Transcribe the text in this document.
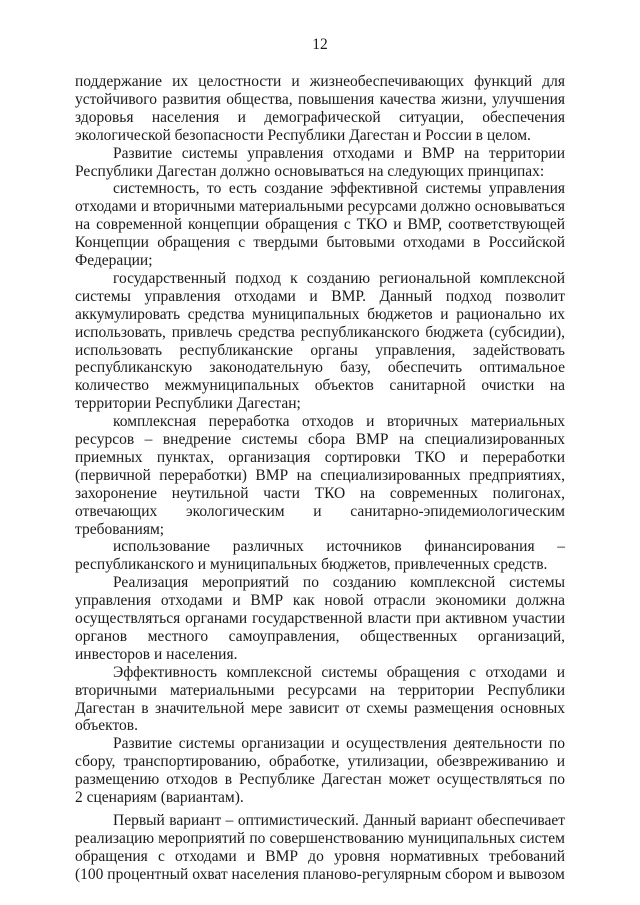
12

поддержание их целостности и жизнеобеспечивающих функций для
устойчивого развития общества, повышения качества жизни, улучшения
здоровья населения и демографической ситуации, обеспечения
экологической безопасности Республики Дагестан и России в целом.
Развитие системы управления отходами и ВМР на территории
Республики Дагестан должно основываться на следующих принципах:
системность, то есть создание эффективной системы управления
отходами и вторичными материальными ресурсами должно основываться
на современной концепции обращения с ТКО и ВМР, соответствующей
Концепции обращения с твердыми бытовыми отходами в Российской
Федерации;
государственный подход к созданию региональной комплексной
системы управления отходами и ВМР. Данный подход позволит
аккумулировать средства муниципальных бюджетов и рационально их
использовать, привлечь средства республиканского бюджета (субсидии),
использовать республиканские органы управления, задействовать
республиканскую законодательную базу, обеспечить оптимальное
количество межмуниципальных объектов санитарной очистки на
территории Республики Дагестан;
комплексная переработка отходов и вторичных материальных
ресурсов – внедрение системы сбора ВМР на специализированных
приемных пунктах, организация сортировки ТКО и переработки
(первичной переработки) ВМР на специализированных предприятиях,
захоронение неутильной части ТКО на современных полигонах,
отвечающих экологическим и санитарно-эпидемиологическим
требованиям;
использование различных источников финансирования –
республиканского и муниципальных бюджетов, привлеченных средств.
Реализация мероприятий по созданию комплексной системы
управления отходами и ВМР как новой отрасли экономики должна
осуществляться органами государственной власти при активном участии
органов местного самоуправления, общественных организаций,
инвесторов и населения.
Эффективность комплексной системы обращения с отходами и
вторичными материальными ресурсами на территории Республики
Дагестан в значительной мере зависит от схемы размещения основных
объектов.
Развитие системы организации и осуществления деятельности по
сбору, транспортированию, обработке, утилизации, обезвреживанию и
размещению отходов в Республике Дагестан может осуществляться по
2 сценариям (вариантам).
Первый вариант – оптимистический. Данный вариант обеспечивает
реализацию мероприятий по совершенствованию муниципальных систем
обращения с отходами и ВМР до уровня нормативных требований
(100 процентный охват населения планово-регулярным сбором и вывозом
